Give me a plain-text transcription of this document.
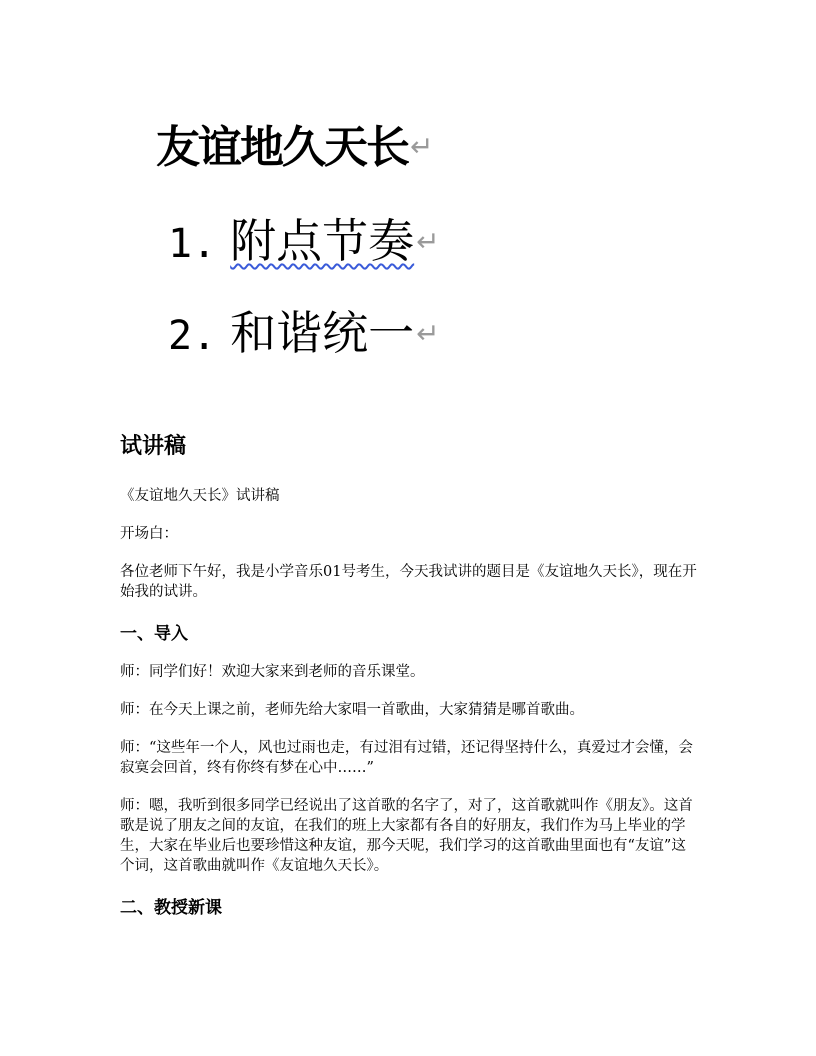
友谊地久天长↵
1. 附点节奏↵
2. 和谐统一↵
试讲稿

《友谊地久天长》试讲稿

开场白：

各位老师下午好，我是小学音乐01号考生，今天我试讲的题目是《友谊地久天长》，现在开始我的试讲。

一、导入

师：同学们好！欢迎大家来到老师的音乐课堂。

师：在今天上课之前，老师先给大家唱一首歌曲，大家猜猜是哪首歌曲。

师：“这些年一个人，风也过雨也走，有过泪有过错，还记得坚持什么，真爱过才会懂，会寂寞会回首，终有你终有梦在心中……”

师：嗯，我听到很多同学已经说出了这首歌的名字了，对了，这首歌就叫作《朋友》。这首歌是说了朋友之间的友谊，在我们的班上大家都有各自的好朋友，我们作为马上毕业的学生，大家在毕业后也要珍惜这种友谊，那今天呢，我们学习的这首歌曲里面也有“友谊”这个词，这首歌曲就叫作《友谊地久天长》。

二、教授新课
